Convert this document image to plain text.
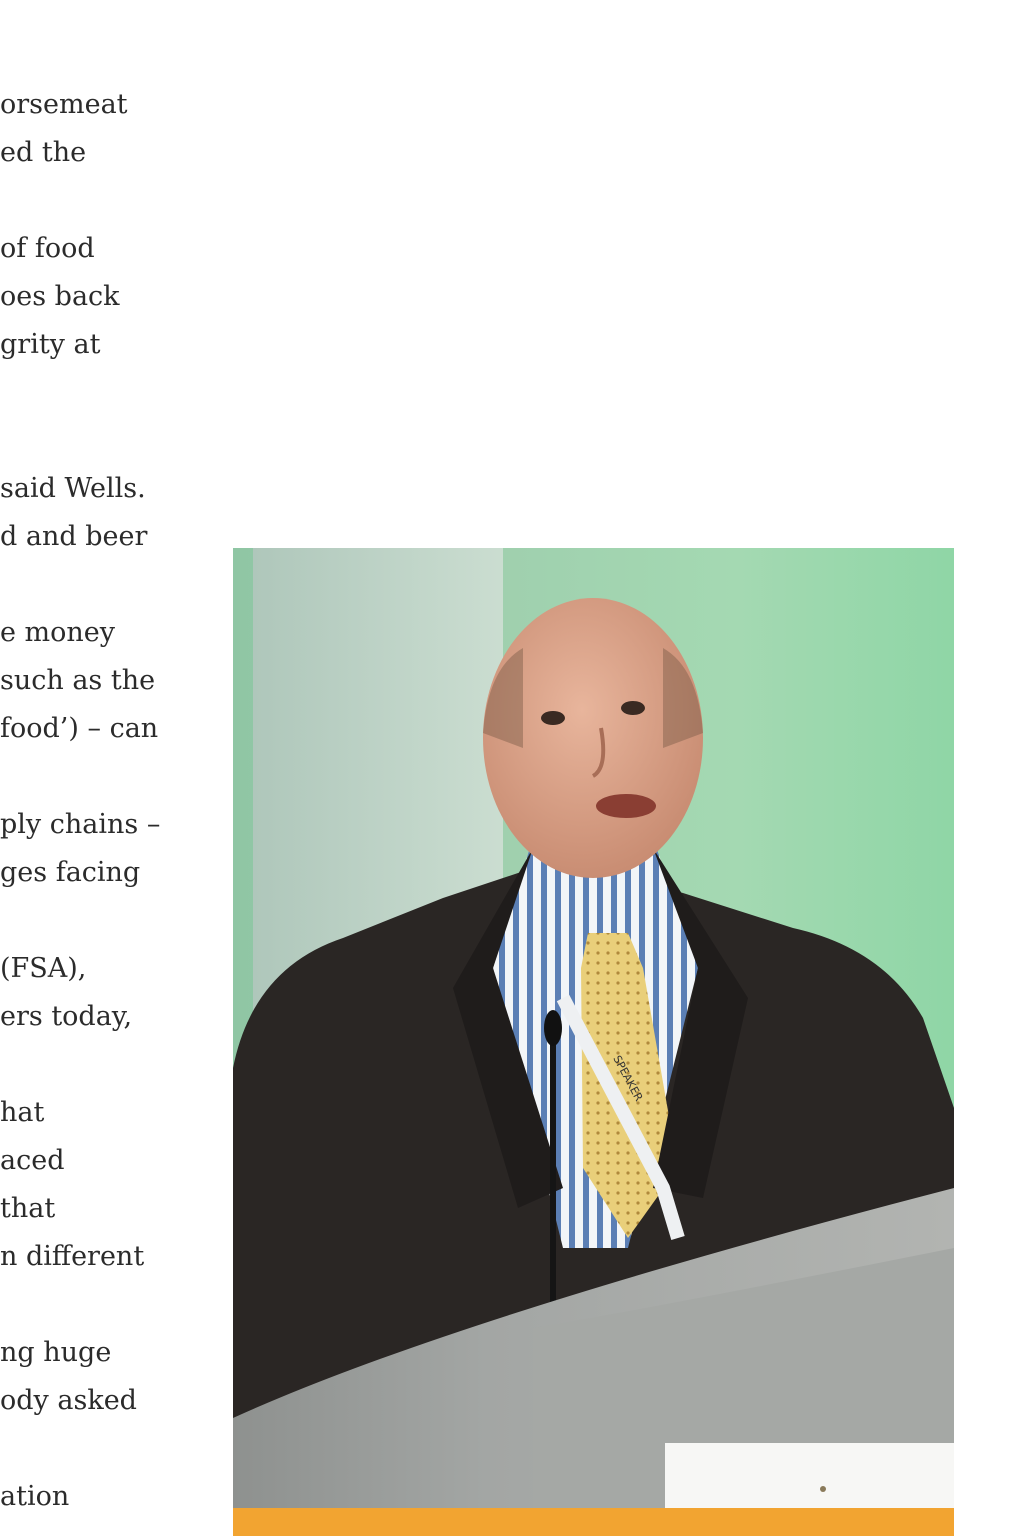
orsemeat
ed the
of food
oes back
grity at
said Wells.
d and beer
e money
such as the
food’) – can
ply chains –
ges facing
(FSA),
ers today,
hat
aced
that
n different
ng huge
ody asked
ation
SPEAKER
